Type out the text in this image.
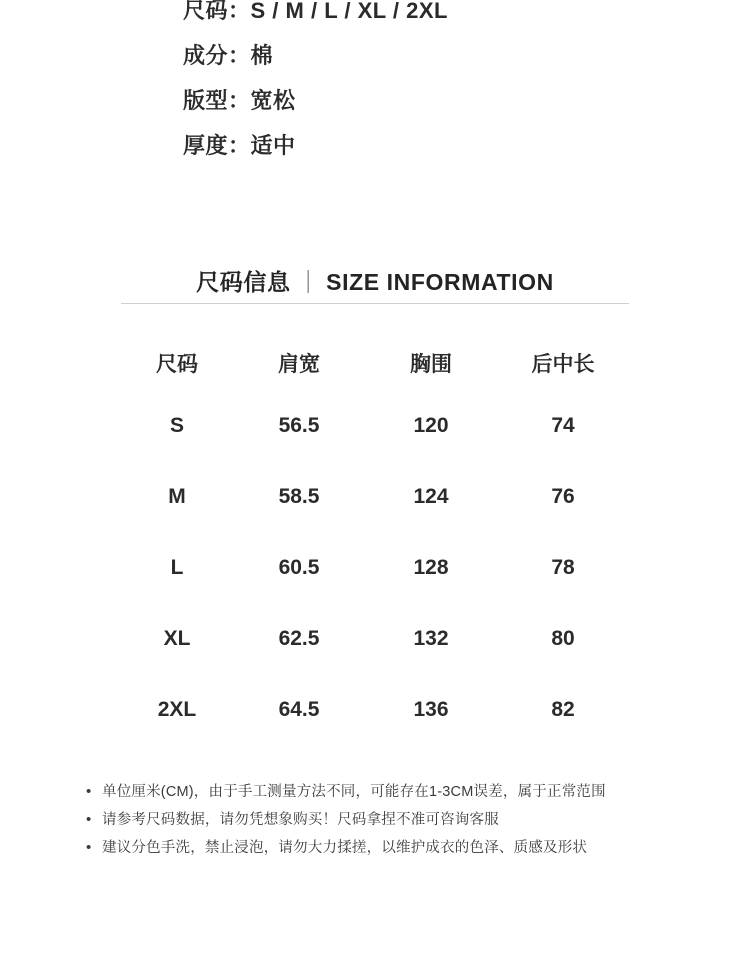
尺码：S / M / L / XL / 2XL
成分：棉
版型：宽松
厚度：适中
尺码信息 ｜ SIZE INFORMATION
尺码	肩宽	胸围	后中长
S	56.5	120	74
M	58.5	124	76
L	60.5	128	78
XL	62.5	132	80
2XL	64.5	136	82
• 单位厘米(CM)，由于手工测量方法不同，可能存在1-3CM误差，属于正常范围
• 请参考尺码数据，请勿凭想象购买！尺码拿捏不准可咨询客服
• 建议分色手洗，禁止浸泡，请勿大力揉搓，以维护成衣的色泽、质感及形状
